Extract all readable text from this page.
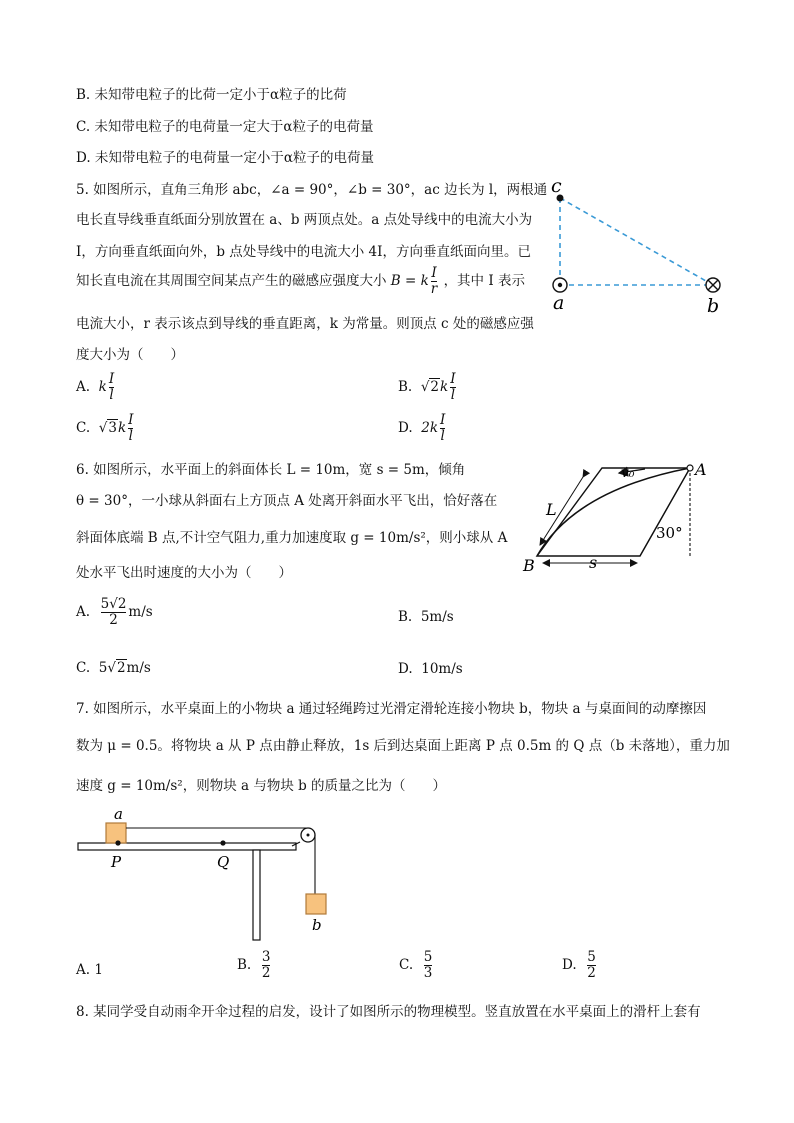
B. 未知带电粒子的比荷一定小于α粒子的比荷
C. 未知带电粒子的电荷量一定大于α粒子的电荷量
D. 未知带电粒子的电荷量一定小于α粒子的电荷量
5. 如图所示，直角三角形 abc，∠a = 90°，∠b = 30°，ac 边长为 l，两根通
电长直导线垂直纸面分别放置在 a、b 两顶点处。a 点处导线中的电流大小为
I，方向垂直纸面向外，b 点处导线中的电流大小 4I，方向垂直纸面向里。已
知长直电流在其周围空间某点产生的磁感应强度大小 B = k $\frac{I}{r}$ ，其中 I 表示
电流大小，r 表示该点到导线的垂直距离，k 为常量。则顶点 c 处的磁感应强
度大小为（　　）
c
a	b
A. k $\frac{I}{l}$	B. $√2k \frac{I}{l}$
C. $√3k \frac{I}{l}$	D. $2k \frac{I}{l}$
6. 如图所示，水平面上的斜面体长 L = 10m，宽 s = 5m，倾角
θ = 30°，一小球从斜面右上方顶点 A 处离开斜面水平飞出，恰好落在
斜面体底端 B 点,不计空气阻力,重力加速度取 g = 10m/s²，则小球从 A
处水平飞出时速度的大小为（　　）
v₀	A
L
30°
B	s
A. $\frac{5√2}{2} m/s$	B. 5m/s
C. 5√2m/s	D. 10m/s
7. 如图所示，水平桌面上的小物块 a 通过轻绳跨过光滑定滑轮连接小物块 b，物块 a 与桌面间的动摩擦因
数为 μ = 0.5。将物块 a 从 P 点由静止释放，1s 后到达桌面上距离 P 点 0.5m 的 Q 点（b 未落地），重力加
速度 g = 10m/s²，则物块 a 与物块 b 的质量之比为（　　）
a
P	Q
b
A. 1	B. $\frac{3}{2}$	C. $\frac{5}{3}$	D. $\frac{5}{2}$
8. 某同学受自动雨伞开伞过程的启发，设计了如图所示的物理模型。竖直放置在水平桌面上的滑杆上套有
